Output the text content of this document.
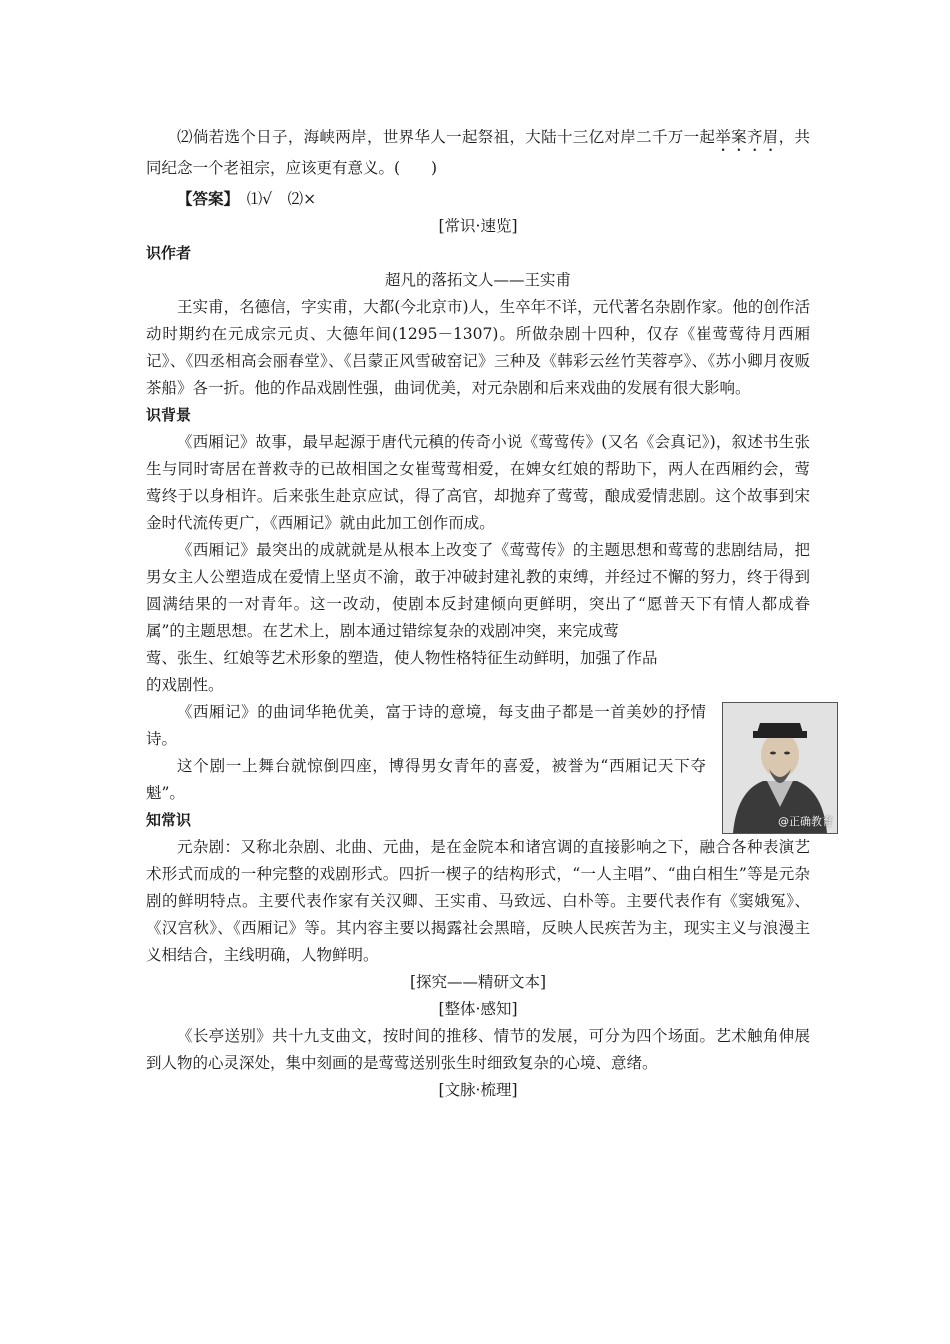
⑵倘若选个日子，海峡两岸，世界华人一起祭祖，大陆十三亿对岸二千万一起举案齐眉，共同纪念一个老祖宗，应该更有意义。(　　)

【答案】　⑴√　⑵×

[常识·速览]

识作者

超凡的落拓文人——王实甫

王实甫，名德信，字实甫，大都(今北京市)人，生卒年不详，元代著名杂剧作家。他的创作活动时期约在元成宗元贞、大德年间(1295－1307)。所做杂剧十四种，仅存《崔莺莺待月西厢记》、《四丞相高会丽春堂》、《吕蒙正风雪破窑记》三种及《韩彩云丝竹芙蓉亭》、《苏小卿月夜贩茶船》各一折。他的作品戏剧性强，曲词优美，对元杂剧和后来戏曲的发展有很大影响。

识背景

《西厢记》故事，最早起源于唐代元稹的传奇小说《莺莺传》(又名《会真记》)，叙述书生张生与同时寄居在普救寺的已故相国之女崔莺莺相爱，在婢女红娘的帮助下，两人在西厢约会，莺莺终于以身相许。后来张生赴京应试，得了高官，却抛弃了莺莺，酿成爱情悲剧。这个故事到宋金时代流传更广，《西厢记》就由此加工创作而成。

《西厢记》最突出的成就就是从根本上改变了《莺莺传》的主题思想和莺莺的悲剧结局，把男女主人公塑造成在爱情上坚贞不渝，敢于冲破封建礼教的束缚，并经过不懈的努力，终于得到圆满结果的一对青年。这一改动，使剧本反封建倾向更鲜明，突出了“愿普天下有情人都成眷属”的主题思想。在艺术上，剧本通过错综复杂的戏剧冲突，来完成莺

莺、张生、红娘等艺术形象的塑造，使人物性格特征生动鲜明，加强了作品

的戏剧性。

《西厢记》的曲词华艳优美，富于诗的意境，每支曲子都是一首美妙的抒情诗。

这个剧一上舞台就惊倒四座，博得男女青年的喜爱，被誉为“西厢记天下夺魁”。

知常识

元杂剧：又称北杂剧、北曲、元曲，是在金院本和诸宫调的直接影响之下，融合各种表演艺术形式而成的一种完整的戏剧形式。四折一楔子的结构形式，“一人主唱”、“曲白相生”等是元杂剧的鲜明特点。主要代表作家有关汉卿、王实甫、马致远、白朴等。主要代表作有《窦娥冤》、《汉宫秋》、《西厢记》等。其内容主要以揭露社会黑暗，反映人民疾苦为主，现实主义与浪漫主义相结合，主线明确，人物鲜明。

[探究——精研文本]

[整体·感知]

《长亭送别》共十九支曲文，按时间的推移、情节的发展，可分为四个场面。艺术触角伸展到人物的心灵深处，集中刻画的是莺莺送别张生时细致复杂的心境、意绪。

[文脉·梳理]

@正确教育
